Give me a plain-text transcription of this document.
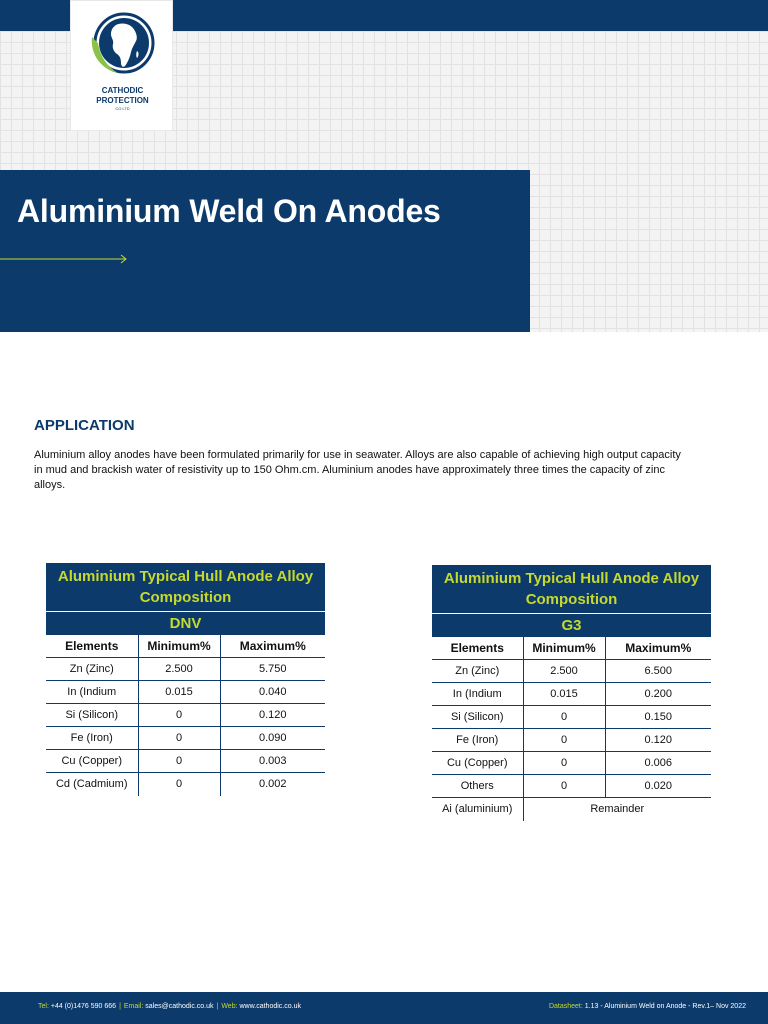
CATHODIC
PROTECTION
CO LTD
Aluminium Weld On Anodes
APPLICATION

Aluminium alloy anodes have been formulated primarily for use in seawater. Alloys are also capable of achieving high output capacity in mud and brackish water of resistivity up to 150 Ohm.cm. Aluminium anodes have approximately three times the capacity of zinc alloys.

Aluminium Typical Hull Anode Alloy Composition		
DNV		
Elements	Minimum%	Maximum%
Zn (Zinc)	2.500	5.750
In (Indium	0.015	0.040
Si (Silicon)	0	0.120
Fe (Iron)	0	0.090
Cu (Copper)	0	0.003
Cd (Cadmium)	0	0.002
Aluminium Typical Hull Anode Alloy Composition		
G3		
Elements	Minimum%	Maximum%
Zn (Zinc)	2.500	6.500
In (Indium	0.015	0.200
Si (Silicon)	0	0.150
Fe (Iron)	0	0.120
Cu (Copper)	0	0.006
Others	0	0.020
Ai (aluminium)	Remainder	
Tel: +44 (0)1476 590 666 | Email: sales@cathodic.co.uk | Web: www.cathodic.co.uk	Datasheet: 1.13 - Aluminium Weld on Anode - Rev.1– Nov 2022
